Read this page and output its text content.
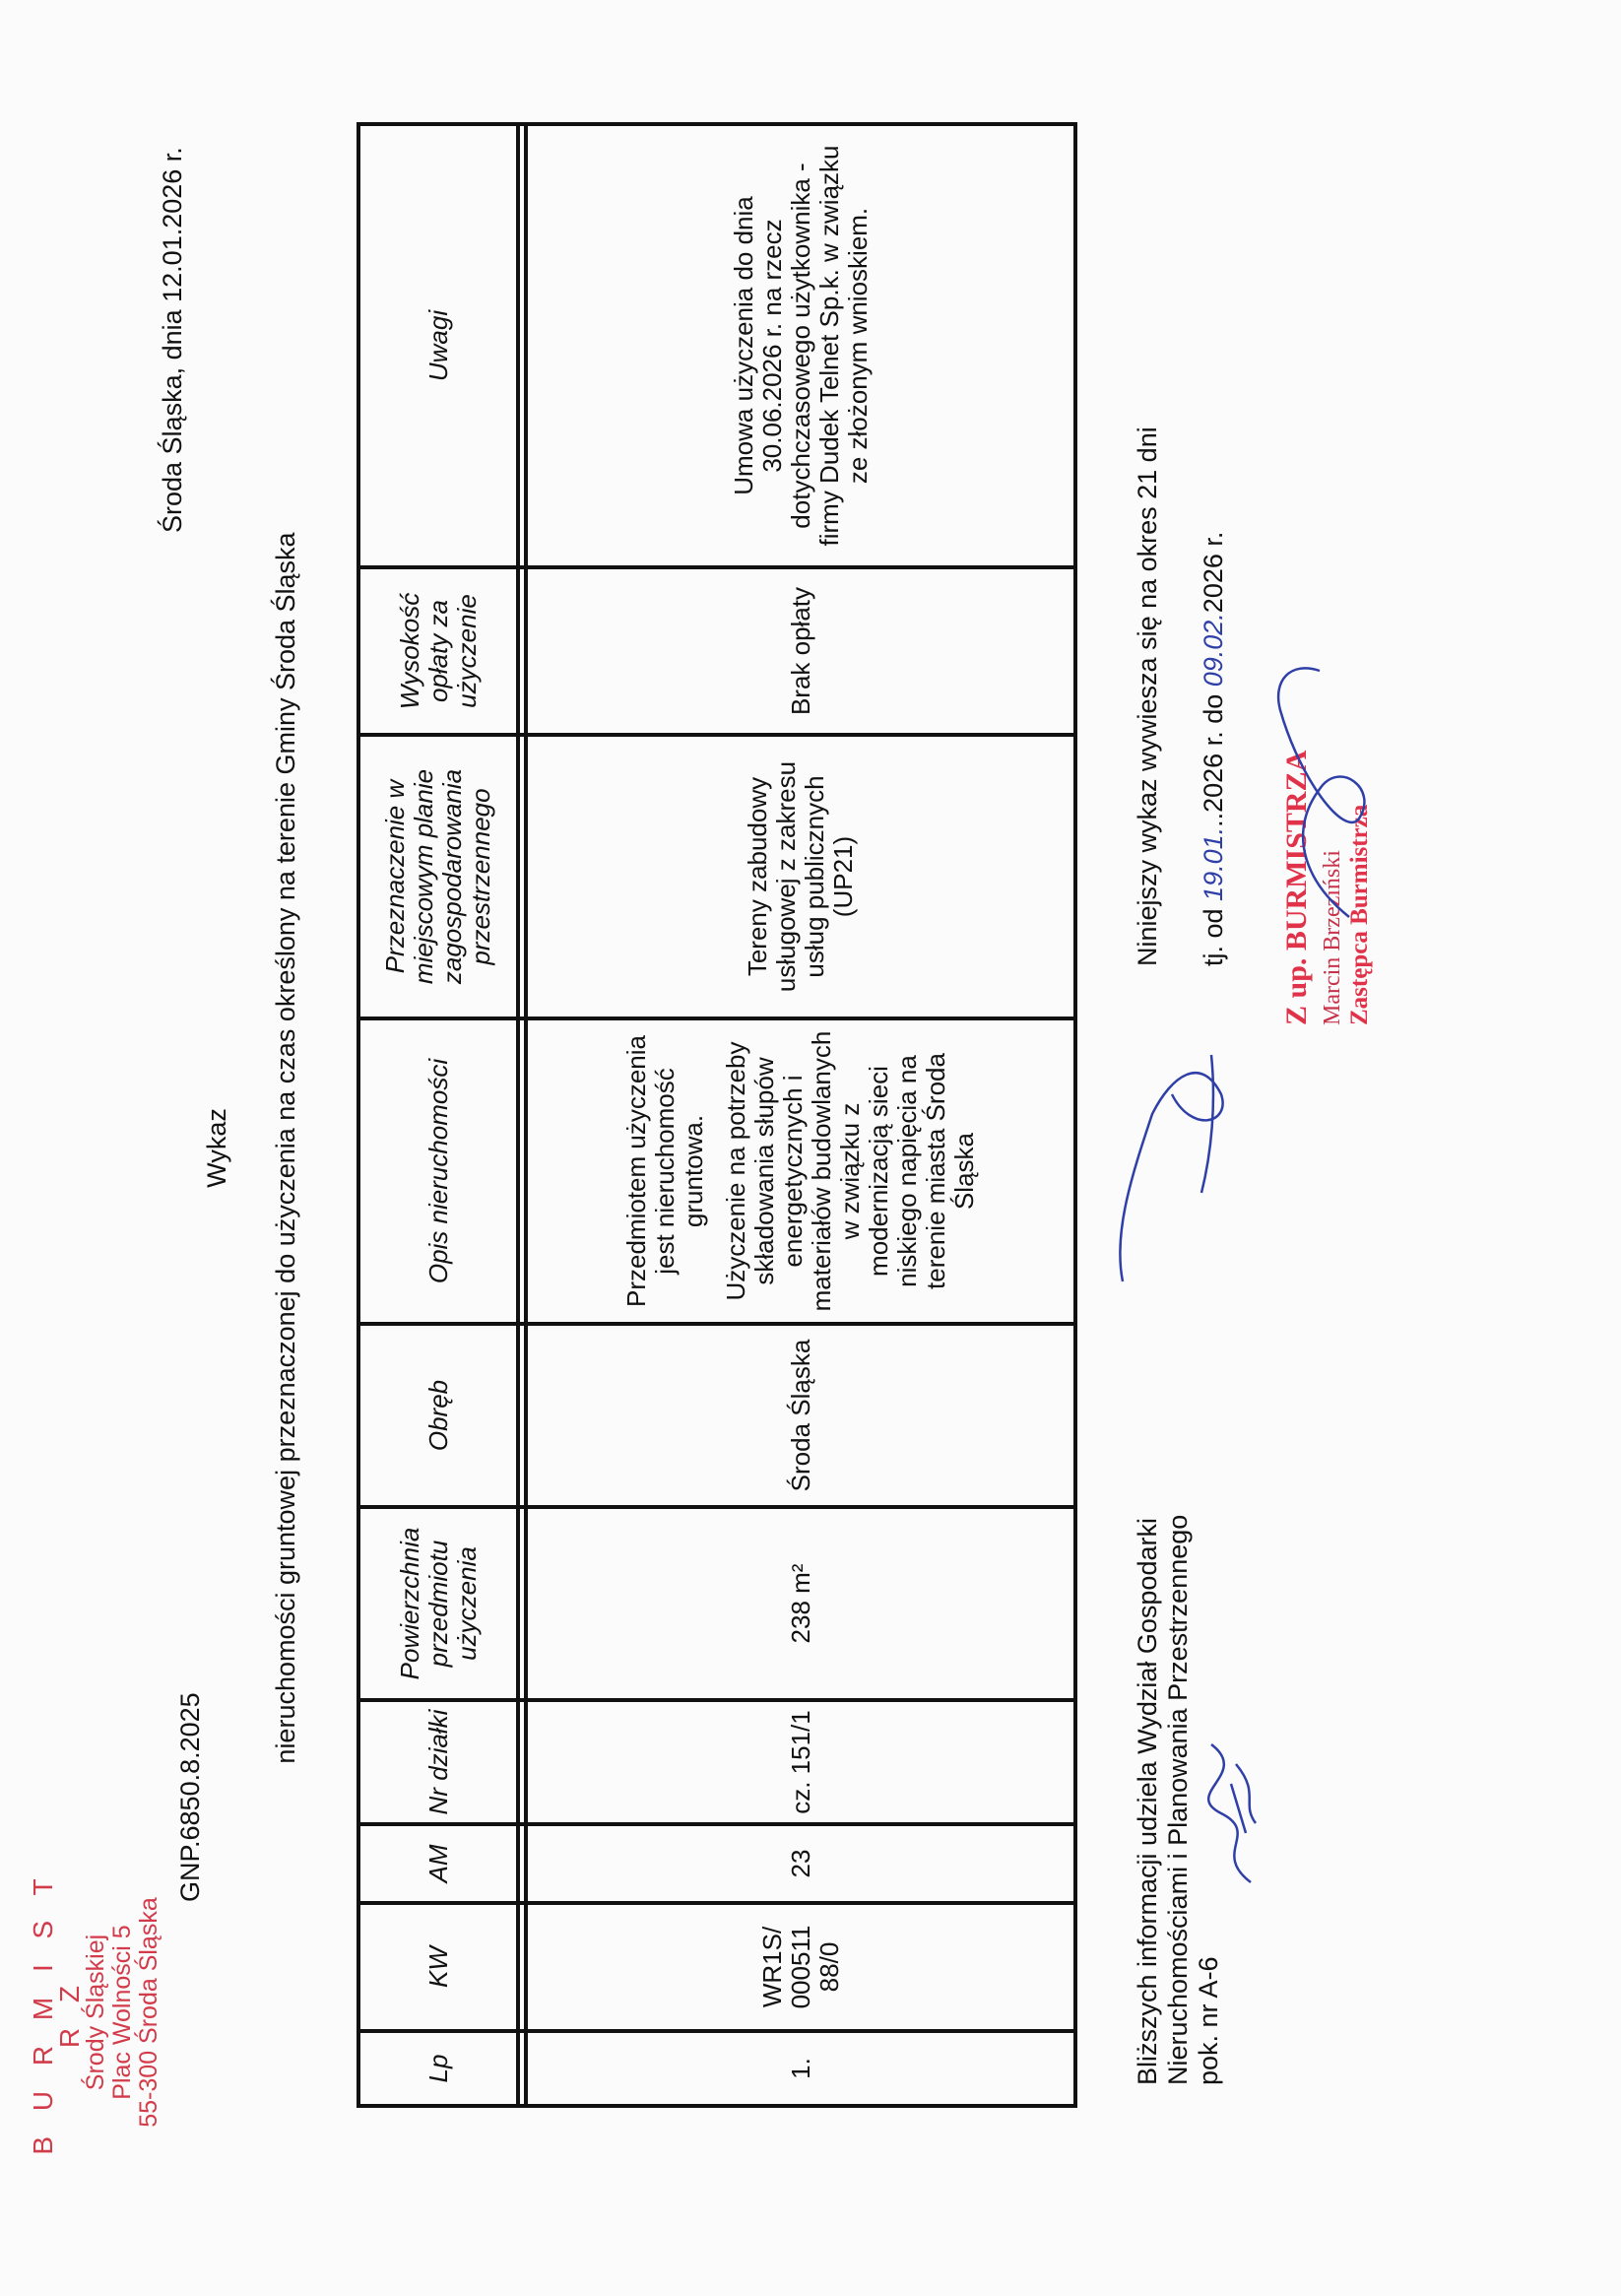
B U R M I S T R Z
Środy Śląskiej Plac Wolności 5 55-300 Środa Śląska
GNP.6850.8.2025
Środa Śląska, dnia 12.01.2026 r.
Wykaz nieruchomości gruntowej przeznaczonej do użyczenia na czas określony na terenie Gminy Środa Śląska
Lp	KW	AM	Nr działki	Powierzchnia przedmiotu użyczenia	Obręb	Opis nieruchomości	Przeznaczenie w miejscowym planie zagospodarowania przestrzennego	Wysokość opłaty za użyczenie	Uwagi

1.	WR1S/ 000511 88/0	23	cz. 151/1	238 m²	Środa Śląska	Przedmiotem użyczenia jest nieruchomość gruntowa. Użyczenie na potrzeby składowania słupów energetycznych i materiałów budowlanych w związku z modernizacją sieci niskiego napięcia na terenie miasta Środa Śląska	Tereny zabudowy usługowej z zakresu usług publicznych (UP21)	Brak opłaty	Umowa użyczenia do dnia 30.06.2026 r. na rzecz dotychczasowego użytkownika - firmy Dudek Telnet Sp.k. w związku ze złożonym wnioskiem.
Bliższych informacji udziela Wydział Gospodarki Nieruchomościami i Planowania Przestrzennego pok. nr A-6
Niniejszy wykaz wywiesza się na okres 21 dni tj. od 19.01...2026 r. do 09.02.2026 r.
Z up. BURMISTRZA Marcin Brzeziński Zastępca Burmistrza
